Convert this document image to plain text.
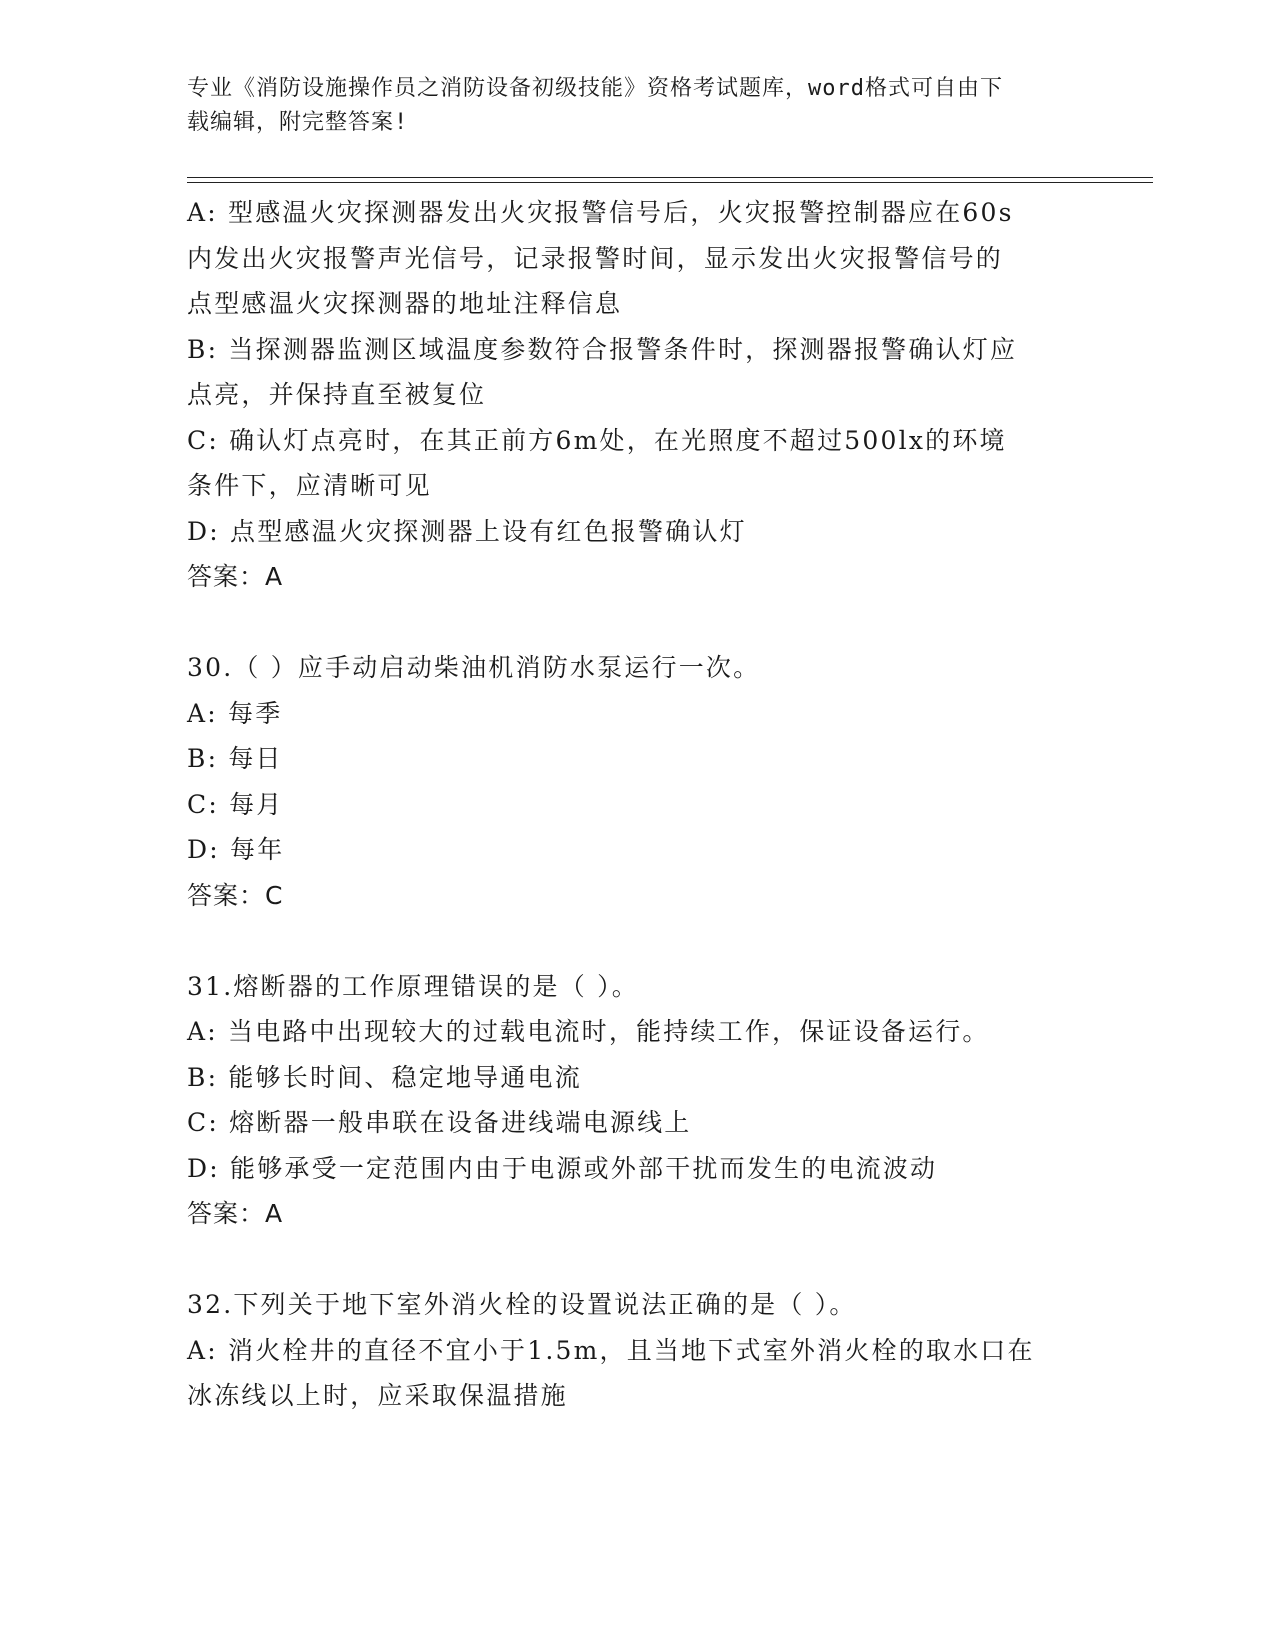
专业《消防设施操作员之消防设备初级技能》资格考试题库，word格式可自由下
载编辑，附完整答案!
A: 型感温火灾探测器发出火灾报警信号后，火灾报警控制器应在60s
内发出火灾报警声光信号，记录报警时间，显示发出火灾报警信号的
点型感温火灾探测器的地址注释信息
B: 当探测器监测区域温度参数符合报警条件时，探测器报警确认灯应
点亮，并保持直至被复位
C: 确认灯点亮时，在其正前方6m处，在光照度不超过500lx的环境
条件下，应清晰可见
D: 点型感温火灾探测器上设有红色报警确认灯
答案：A
30.（ ）应手动启动柴油机消防水泵运行一次。
A: 每季
B: 每日
C: 每月
D: 每年
答案：C
31.熔断器的工作原理错误的是（ ）。
A: 当电路中出现较大的过载电流时，能持续工作，保证设备运行。
B: 能够长时间、稳定地导通电流
C: 熔断器一般串联在设备进线端电源线上
D: 能够承受一定范围内由于电源或外部干扰而发生的电流波动
答案：A
32.下列关于地下室外消火栓的设置说法正确的是（ ）。
A: 消火栓井的直径不宜小于1.5m，且当地下式室外消火栓的取水口在
冰冻线以上时，应采取保温措施
